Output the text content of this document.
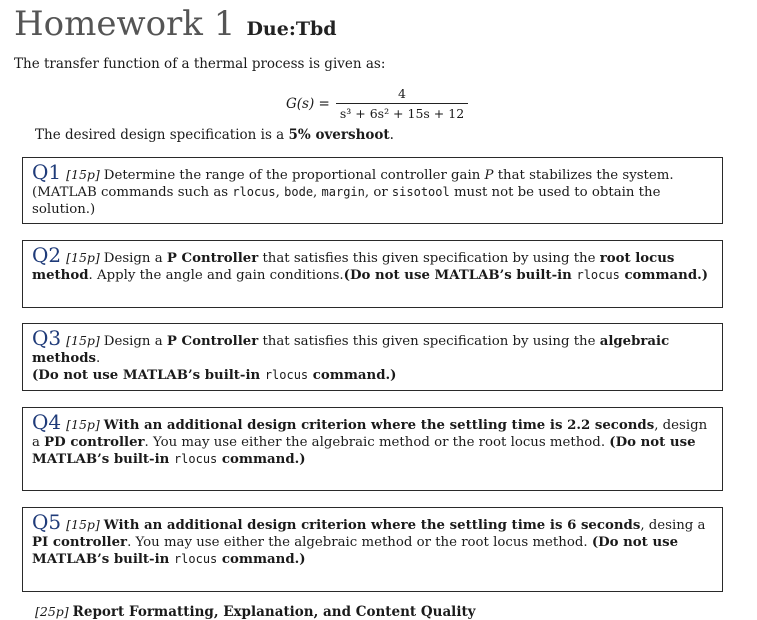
Homework 1 Due:Tbd
The transfer function of a thermal process is given as:
$G(s) = \frac{4}{\text{s³ + 6s² + 15s + 12}}$
The desired design specification is a 5% overshoot.
Q1 [15p] Determine the range of the proportional controller gain P that stabilizes the system. (MATLAB commands such as rlocus, bode, margin, or sisotool must not be used to obtain the solution.)
Q2 [15p] Design a P Controller that satisfies this given specification by using the root locus method. Apply the angle and gain conditions.(Do not use MATLAB’s built-in rlocus command.)
Q3 [15p] Design a P Controller that satisfies this given specification by using the algebraic methods.
(Do not use MATLAB’s built-in rlocus command.)
Q4 [15p] With an additional design criterion where the settling time is 2.2 seconds, design a PD controller. You may use either the algebraic method or the root locus method. (Do not use MATLAB’s built-in rlocus command.)
Q5 [15p] With an additional design criterion where the settling time is 6 seconds, desing a PI controller. You may use either the algebraic method or the root locus method. (Do not use MATLAB’s built-in rlocus command.)
[25p] Report Formatting, Explanation, and Content Quality
